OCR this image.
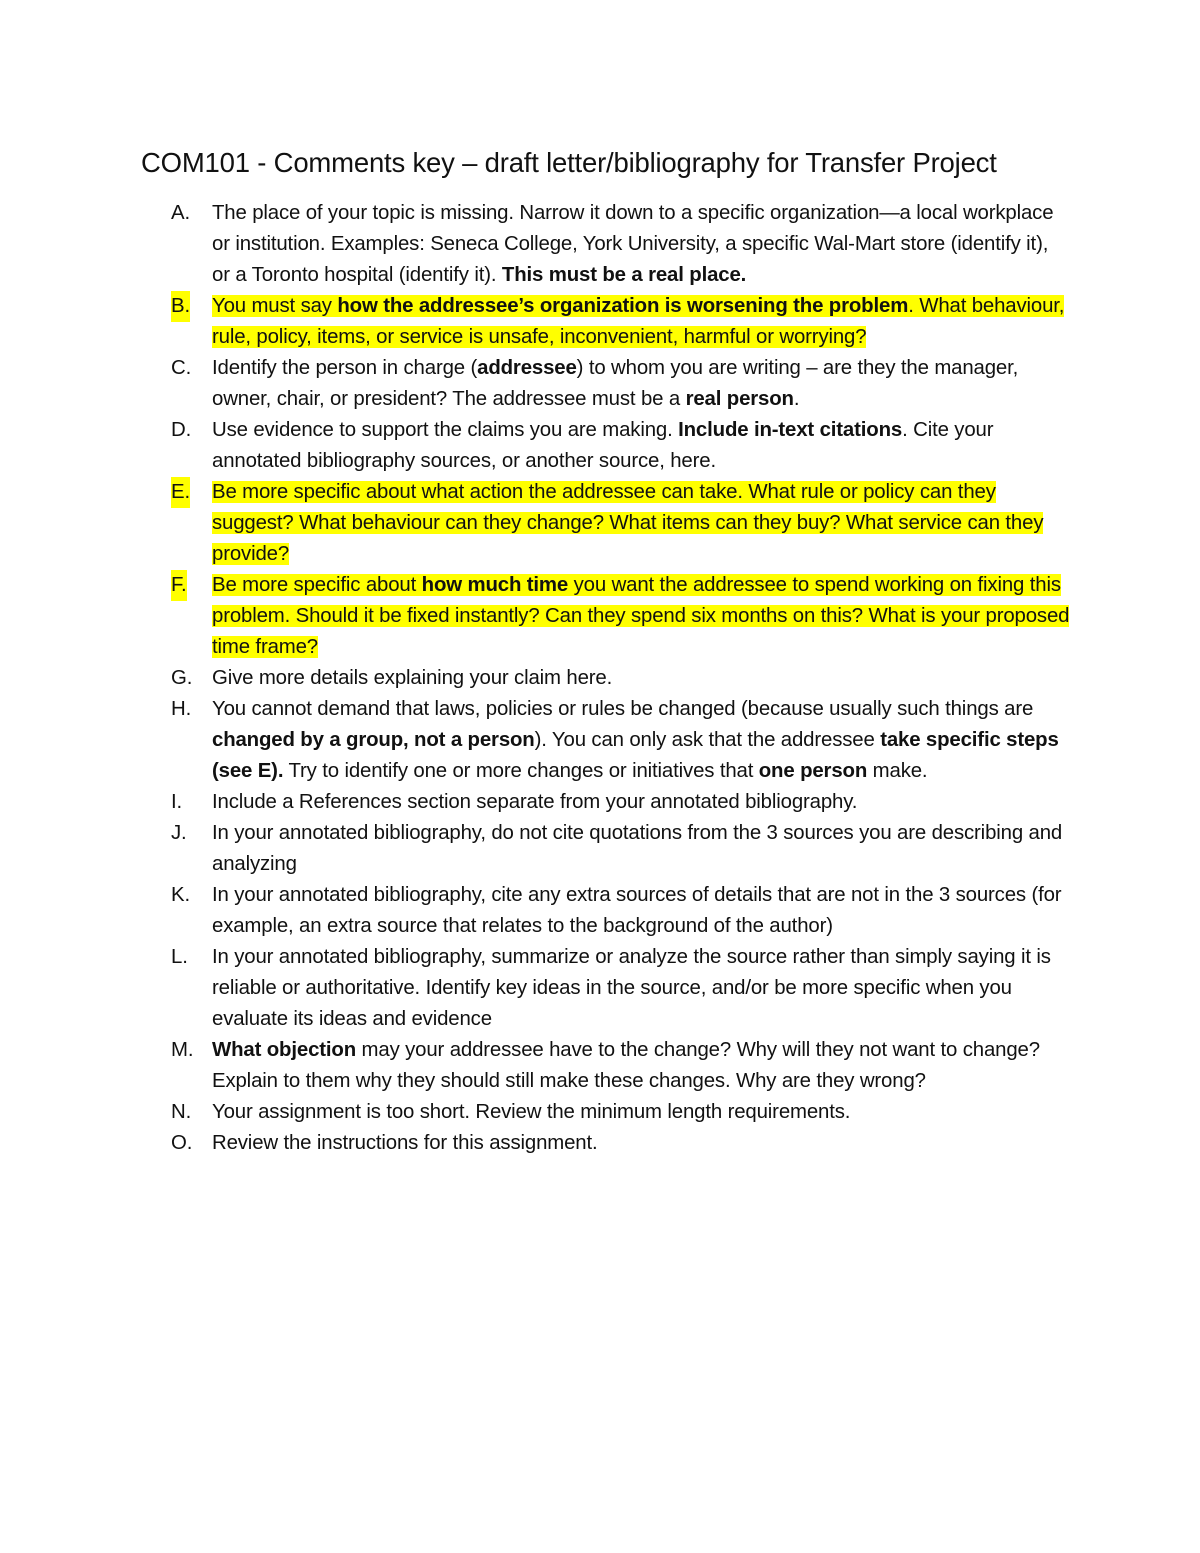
COM101 - Comments key – draft letter/bibliography for Transfer Project
A. The place of your topic is missing. Narrow it down to a specific organization—a local workplace or institution. Examples: Seneca College, York University, a specific Wal-Mart store (identify it), or a Toronto hospital (identify it). This must be a real place.
B. You must say how the addressee’s organization is worsening the problem. What behaviour, rule, policy, items, or service is unsafe, inconvenient, harmful or worrying?
C. Identify the person in charge (addressee) to whom you are writing – are they the manager, owner, chair, or president? The addressee must be a real person.
D. Use evidence to support the claims you are making. Include in-text citations. Cite your annotated bibliography sources, or another source, here.
E. Be more specific about what action the addressee can take. What rule or policy can they suggest? What behaviour can they change? What items can they buy? What service can they provide?
F. Be more specific about how much time you want the addressee to spend working on fixing this problem. Should it be fixed instantly? Can they spend six months on this? What is your proposed time frame?
G. Give more details explaining your claim here.
H. You cannot demand that laws, policies or rules be changed (because usually such things are changed by a group, not a person). You can only ask that the addressee take specific steps (see E). Try to identify one or more changes or initiatives that one person make.
I. Include a References section separate from your annotated bibliography.
J. In your annotated bibliography, do not cite quotations from the 3 sources you are describing and analyzing
K. In your annotated bibliography, cite any extra sources of details that are not in the 3 sources (for example, an extra source that relates to the background of the author)
L. In your annotated bibliography, summarize or analyze the source rather than simply saying it is reliable or authoritative. Identify key ideas in the source, and/or be more specific when you evaluate its ideas and evidence
M. What objection may your addressee have to the change? Why will they not want to change? Explain to them why they should still make these changes. Why are they wrong?
N. Your assignment is too short. Review the minimum length requirements.
O. Review the instructions for this assignment.
